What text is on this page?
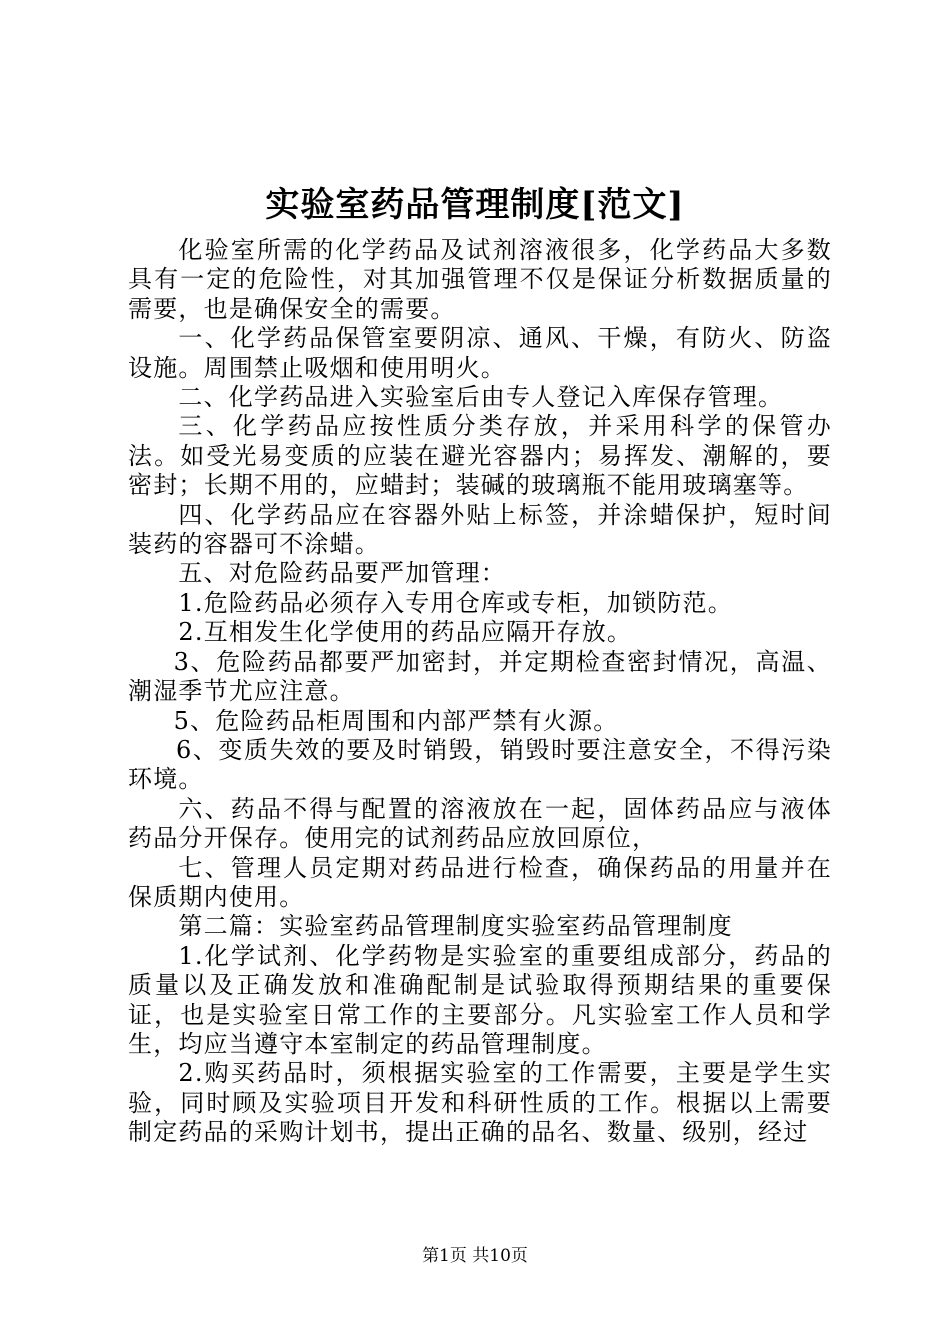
实验室药品管理制度[范文]

化验室所需的化学药品及试剂溶液很多，化学药品大多数具有一定的危险性，对其加强管理不仅是保证分析数据质量的需要，也是确保安全的需要。

一、化学药品保管室要阴凉、通风、干燥，有防火、防盗设施。周围禁止吸烟和使用明火。

二、化学药品进入实验室后由专人登记入库保存管理。

三、化学药品应按性质分类存放，并采用科学的保管办法。如受光易变质的应装在避光容器内；易挥发、潮解的，要密封；长期不用的，应蜡封；装碱的玻璃瓶不能用玻璃塞等。

四、化学药品应在容器外贴上标签，并涂蜡保护，短时间装药的容器可不涂蜡。

五、对危险药品要严加管理：

1.危险药品必须存入专用仓库或专柜，加锁防范。

2.互相发生化学使用的药品应隔开存放。

3、危险药品都要严加密封，并定期检查密封情况，高温、潮湿季节尤应注意。

5、危险药品柜周围和内部严禁有火源。

6、变质失效的要及时销毁，销毁时要注意安全，不得污染环境。

六、药品不得与配置的溶液放在一起，固体药品应与液体药品分开保存。使用完的试剂药品应放回原位，

七、管理人员定期对药品进行检查，确保药品的用量并在保质期内使用。

第二篇：实验室药品管理制度实验室药品管理制度

1.化学试剂、化学药物是实验室的重要组成部分，药品的质量以及正确发放和准确配制是试验取得预期结果的重要保证，也是实验室日常工作的主要部分。凡实验室工作人员和学生，均应当遵守本室制定的药品管理制度。

2.购买药品时，须根据实验室的工作需要，主要是学生实验，同时顾及实验项目开发和科研性质的工作。根据以上需要制定药品的采购计划书，提出正确的品名、数量、级别，经过

第1页 共10页
